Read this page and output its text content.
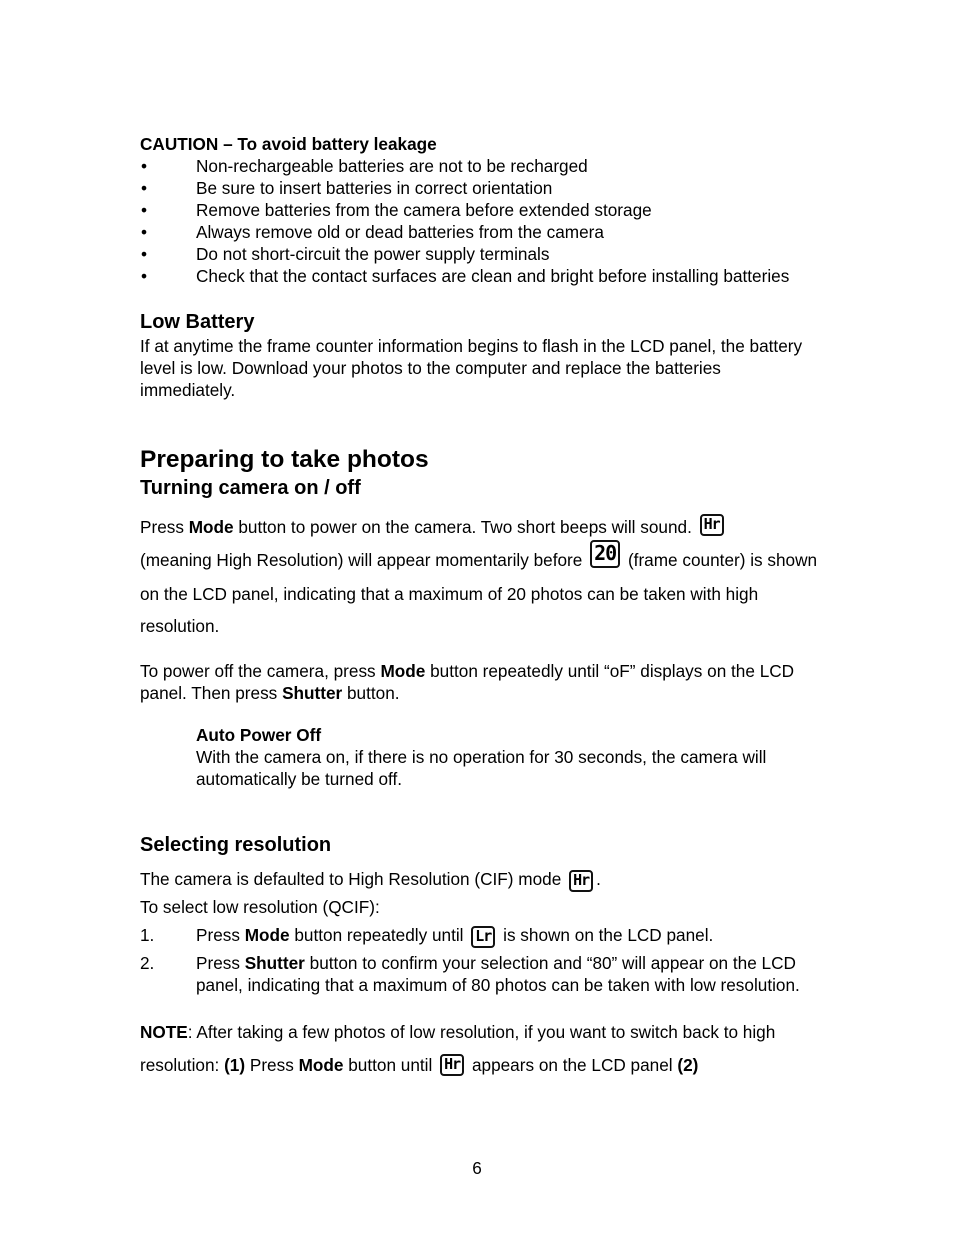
CAUTION – To avoid battery leakage

•	Non-rechargeable batteries are not to be recharged
•	Be sure to insert batteries in correct orientation
•	Remove batteries from the camera before extended storage
•	Always remove old or dead batteries from the camera
•	Do not short-circuit the power supply terminals
•	Check that the contact surfaces are clean and bright before installing batteries
Low Battery

If at anytime the frame counter information begins to flash in the LCD panel, the battery level is low. Download your photos to the computer and replace the batteries immediately.

Preparing to take photos
Turning camera on / off

Press Mode button to power on the camera. Two short beeps will sound. Hr
(meaning High Resolution) will appear momentarily before 20 (frame counter) is shown on the LCD panel, indicating that a maximum of 20 photos can be taken with high resolution.

To power off the camera, press Mode button repeatedly until “oF” displays on the LCD panel. Then press Shutter button.

Auto Power Off

With the camera on, if there is no operation for 30 seconds, the camera will automatically be turned off.

Selecting resolution

The camera is defaulted to High Resolution (CIF) mode Hr .

To select low resolution (QCIF):

1. Press Mode button repeatedly until Lr is shown on the LCD panel.
2. Press Shutter button to confirm your selection and “80” will appear on the LCD panel, indicating that a maximum of 80 photos can be taken with low resolution.

NOTE: After taking a few photos of low resolution, if you want to switch back to high resolution: (1) Press Mode button until Hr appears on the LCD panel (2)

6
